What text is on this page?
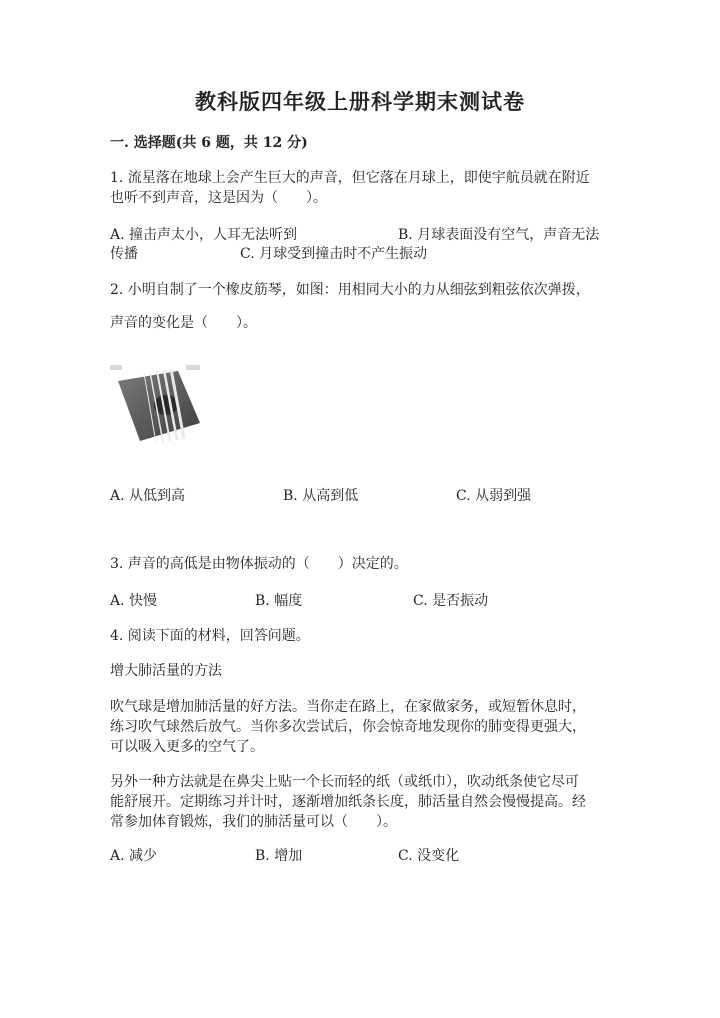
教科版四年级上册科学期末测试卷
一. 选择题(共 6 题，共 12 分)
1. 流星落在地球上会产生巨大的声音，但它落在月球上，即使宇航员就在附近
也听不到声音，这是因为（　　）。
A. 撞击声太小，人耳无法听到	B. 月球表面没有空气，声音无法
传播	C. 月球受到撞击时不产生振动
2. 小明自制了一个橡皮筋琴，如图：用相同大小的力从细弦到粗弦依次弹拨，
声音的变化是（　　）。
A. 从低到高	B. 从高到低	C. 从弱到强
3. 声音的高低是由物体振动的（　　）决定的。
A. 快慢	B. 幅度	C. 是否振动
4. 阅读下面的材料，回答问题。
增大肺活量的方法
吹气球是增加肺活量的好方法。当你走在路上，在家做家务，或短暂休息时，
练习吹气球然后放气。当你多次尝试后，你会惊奇地发现你的肺变得更强大，
可以吸入更多的空气了。
另外一种方法就是在鼻尖上贴一个长而轻的纸（或纸巾），吹动纸条使它尽可
能舒展开。定期练习并计时，逐渐增加纸条长度，肺活量自然会慢慢提高。经
常参加体育锻炼，我们的肺活量可以（　　）。
A. 减少	B. 增加	C. 没变化
